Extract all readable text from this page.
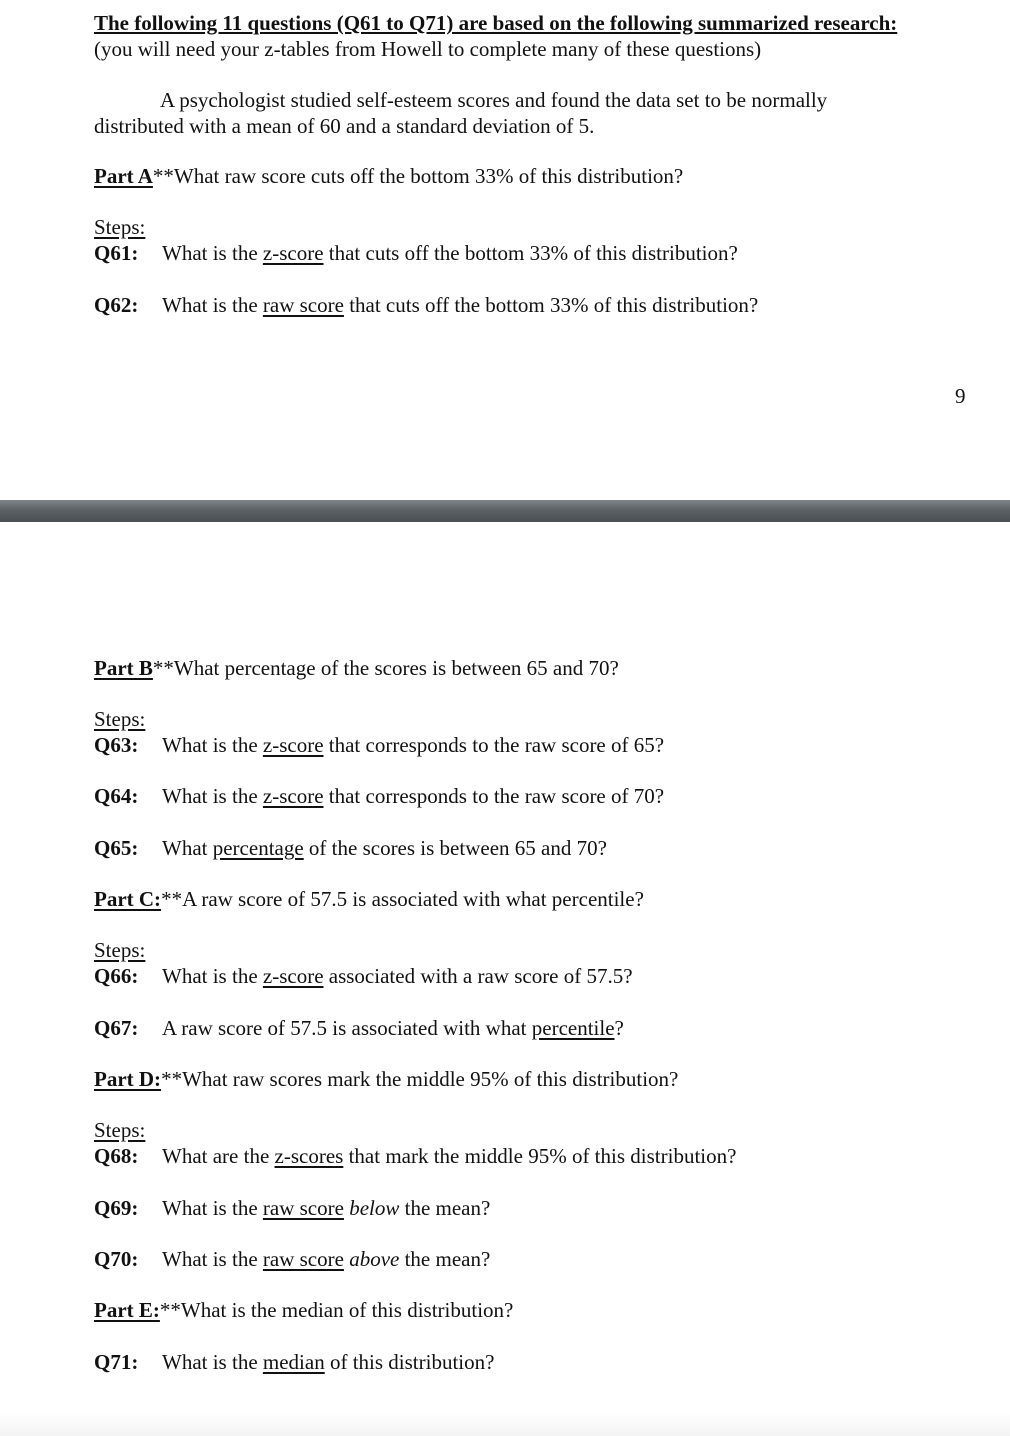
The following 11 questions (Q61 to Q71) are based on the following summarized research:
(you will need your z-tables from Howell to complete many of these questions)
A psychologist studied self-esteem scores and found the data set to be normally
distributed with a mean of 60 and a standard deviation of 5.
Part A**What raw score cuts off the bottom 33% of this distribution?
Steps:
Q61: What is the z-score that cuts off the bottom 33% of this distribution?
Q62: What is the raw score that cuts off the bottom 33% of this distribution?
9
Part B**What percentage of the scores is between 65 and 70?
Steps:
Q63: What is the z-score that corresponds to the raw score of 65?
Q64: What is the z-score that corresponds to the raw score of 70?
Q65: What percentage of the scores is between 65 and 70?
Part C:**A raw score of 57.5 is associated with what percentile?
Steps:
Q66: What is the z-score associated with a raw score of 57.5?
Q67: A raw score of 57.5 is associated with what percentile?
Part D:**What raw scores mark the middle 95% of this distribution?
Steps:
Q68: What are the z-scores that mark the middle 95% of this distribution?
Q69: What is the raw score below the mean?
Q70: What is the raw score above the mean?
Part E:**What is the median of this distribution?
Q71: What is the median of this distribution?
